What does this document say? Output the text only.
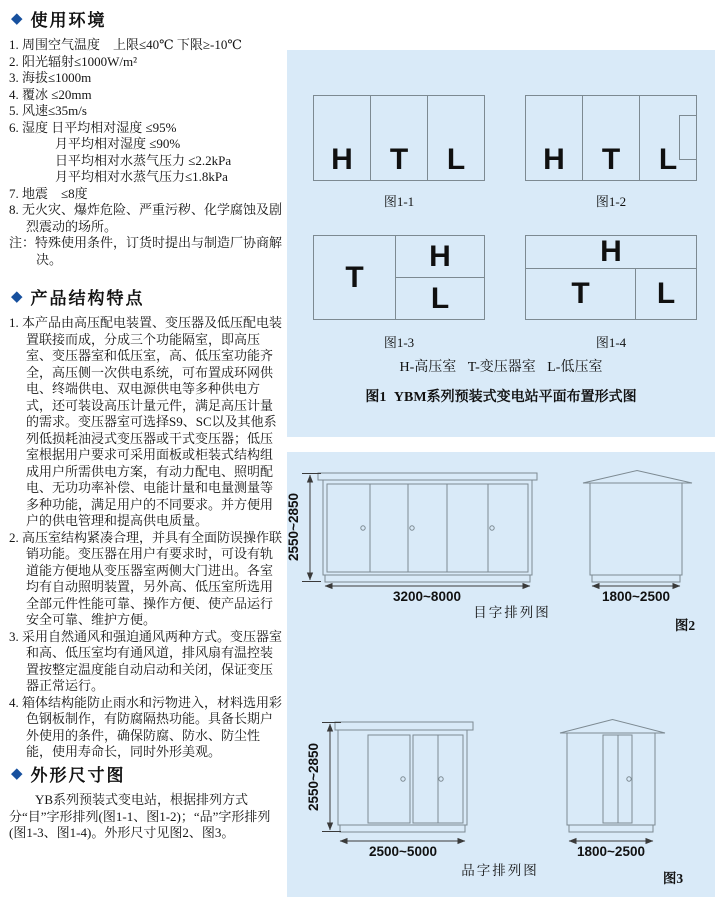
◆ 使用环境

1. 周围空气温度　上限≤40℃ 下限≥-10℃

2. 阳光辐射≤1000W/m²

3. 海拔≤1000m

4. 覆冰 ≤20mm

5. 风速≤35m/s

6. 湿度 日平均相对湿度 ≤95%

月平均相对湿度 ≤90%

日平均相对水蒸气压力 ≤2.2kPa

月平均相对水蒸气压力≤1.8kPa

7. 地震　≤8度

8. 无火灾、爆炸危险、严重污秽、化学腐蚀及剧烈震动的场所。

注：特殊使用条件，订货时提出与制造厂协商解决。

◆ 产品结构特点

1. 本产品由高压配电装置、变压器及低压配电装置联接而成，分成三个功能隔室，即高压室、变压器室和低压室，高、低压室功能齐全，高压侧一次供电系统，可布置成环网供电、终端供电、双电源供电等多种供电方式，还可装设高压计量元件，满足高压计量的需求。变压器室可选择S9、SC以及其他系列低损耗油浸式变压器或干式变压器；低压室根据用户要求可采用面板或柜装式结构组成用户所需供电方案，有动力配电、照明配电、无功功率补偿、电能计量和电量测量等多种功能，满足用户的不同要求。并方便用户的供电管理和提高供电质量。

2. 高压室结构紧凑合理，并具有全面防误操作联销功能。变压器在用户有要求时，可设有轨道能方便地从变压器室两侧大门进出。各室均有自动照明装置，另外高、低压室所选用全部元件性能可靠、操作方便、使产品运行安全可靠、维护方便。

3. 采用自然通风和强迫通风两种方式。变压器室和高、低压室均有通风道，排风扇有温控装置按整定温度能自动启动和关闭，保证变压器正常运行。

4. 箱体结构能防止雨水和污物进入，材料选用彩色钢板制作，有防腐隔热功能。具备长期户外使用的条件，确保防腐、防水、防尘性能，使用寿命长，同时外形美观。

◆ 外形尺寸图

YB系列预装式变电站，根据排列方式分“目”字形排列(图1-1、图1-2)；“品”字形排列(图1-3、图1-4)。外形尺寸见图2、图3。

H	T	L
图1-1
H	T	L
图1-2
T
H
L
图1-3
H
T L
图1-4
H-高压室 T-变压器室 L-低压室
图1 YBM系列预装式变电站平面布置形式图
2550~2850
3200~8000
目字排列图
1800~2500
图2
2550~2850
2500~5000
品字排列图
1800~2500
图3
